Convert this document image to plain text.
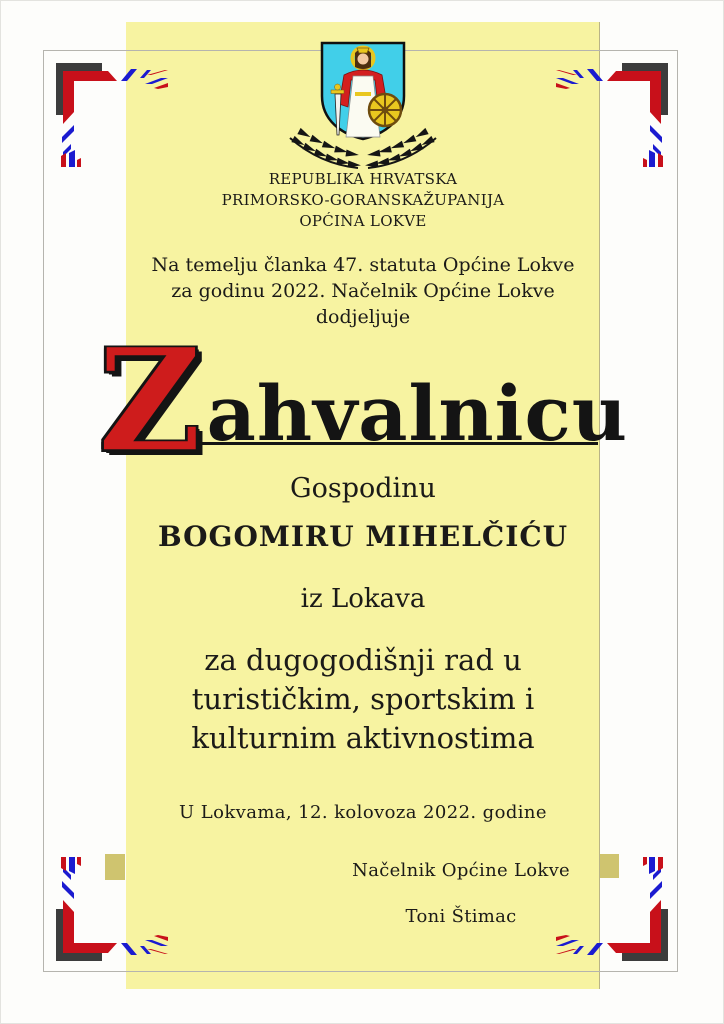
REPUBLIKA HRVATSKA
PRIMORSKO-GORANSKAŽUPANIJA
OPĆINA LOKVE
Na temelju članka 47. statuta Općine Lokve
za godinu 2022. Načelnik Općine Lokve dodjeljuje
Z ahvalnicu
Gospodinu
BOGOMIRU MIHELČIĆU
iz Lokava
za dugogodišnji rad u
turističkim, sportskim i
kulturnim aktivnostima
U Lokvama, 12. kolovoza 2022. godine
Načelnik Općine Lokve
Toni Štimac
